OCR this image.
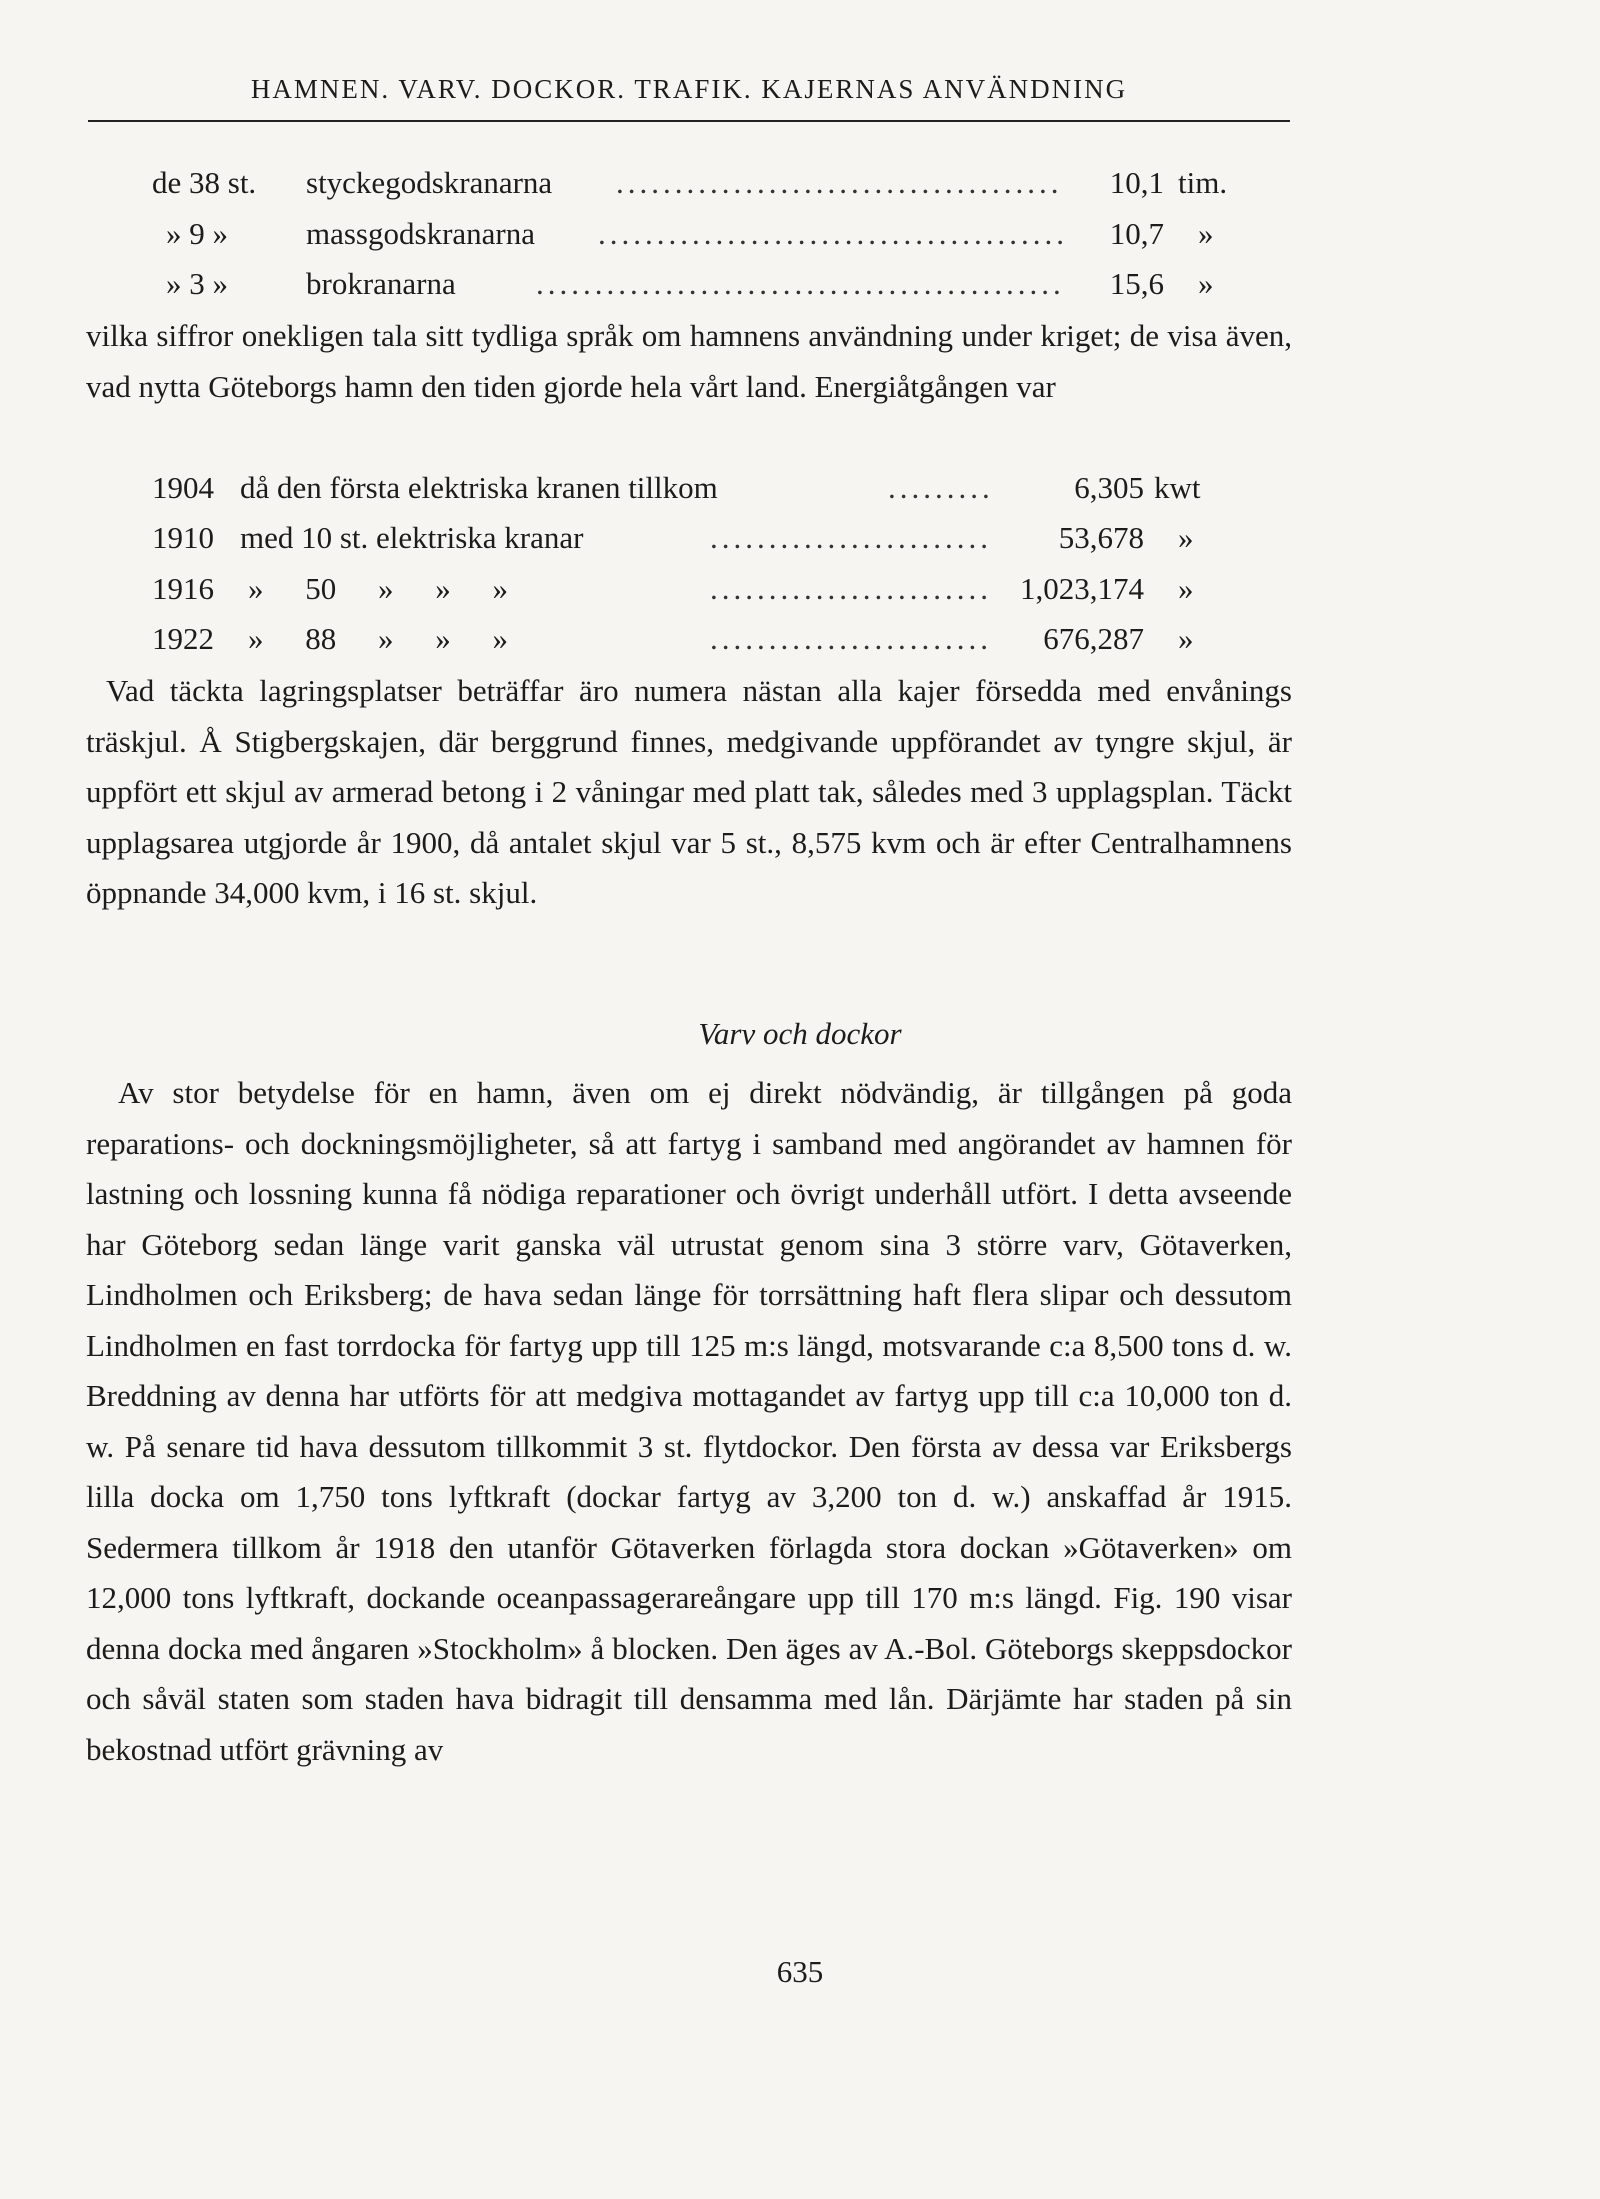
HAMNEN. VARV. DOCKOR. TRAFIK. KAJERNAS ANVÄNDNING
de 38 st. styckegodskranarna .....	10,1 tim.
» 9 »	massgodskranarna .....	10,7 »
» 3 »	brokranarna .....	15,6 »

vilka siffror onekligen tala sitt tydliga språk om hamnens användning under kriget; de visa även, vad nytta Göteborgs hamn den tiden gjorde hela vårt land. Energiåtgången var

1904 då den första elektriska kranen tillkom .....	6,305 kwt
1910 med 10 st. elektriska kranar .....	53,678 »
1916 » 50 » » » .....	1,023,174 »
1922 » 88 » » » .....	676,287 »

Vad täckta lagringsplatser beträffar äro numera nästan alla kajer försedda med envånings träskjul. Å Stigbergskajen, där berggrund finnes, medgivande uppförandet av tyngre skjul, är uppfört ett skjul av armerad betong i 2 våningar med platt tak, således med 3 upplagsplan. Täckt upplagsarea utgjorde år 1900, då antalet skjul var 5 st., 8,575 kvm och är efter Centralhamnens öppnande 34,000 kvm, i 16 st. skjul.

Varv och dockor

Av stor betydelse för en hamn, även om ej direkt nödvändig, är tillgången på goda reparations- och dockningsmöjligheter, så att fartyg i samband med angörandet av hamnen för lastning och lossning kunna få nödiga reparationer och övrigt underhåll utfört. I detta avseende har Göteborg sedan länge varit ganska väl utrustat genom sina 3 större varv, Götaverken, Lindholmen och Eriksberg; de hava sedan länge för torrsättning haft flera slipar och dessutom Lindholmen en fast torrdocka för fartyg upp till 125 m:s längd, motsvarande c:a 8,500 tons d. w. Breddning av denna har utförts för att medgiva mottagandet av fartyg upp till c:a 10,000 ton d. w. På senare tid hava dessutom tillkommit 3 st. flytdockor. Den första av dessa var Eriksbergs lilla docka om 1,750 tons lyftkraft (dockar fartyg av 3,200 ton d. w.) anskaffad år 1915. Sedermera tillkom år 1918 den utanför Götaverken förlagda stora dockan »Götaverken» om 12,000 tons lyftkraft, dockande oceanpassagerareångare upp till 170 m:s längd. Fig. 190 visar denna docka med ångaren »Stockholm» å blocken. Den äges av A.-Bol. Göteborgs skeppsdockor och såväl staten som staden hava bidragit till densamma med lån. Därjämte har staden på sin bekostnad utfört grävning av

635
